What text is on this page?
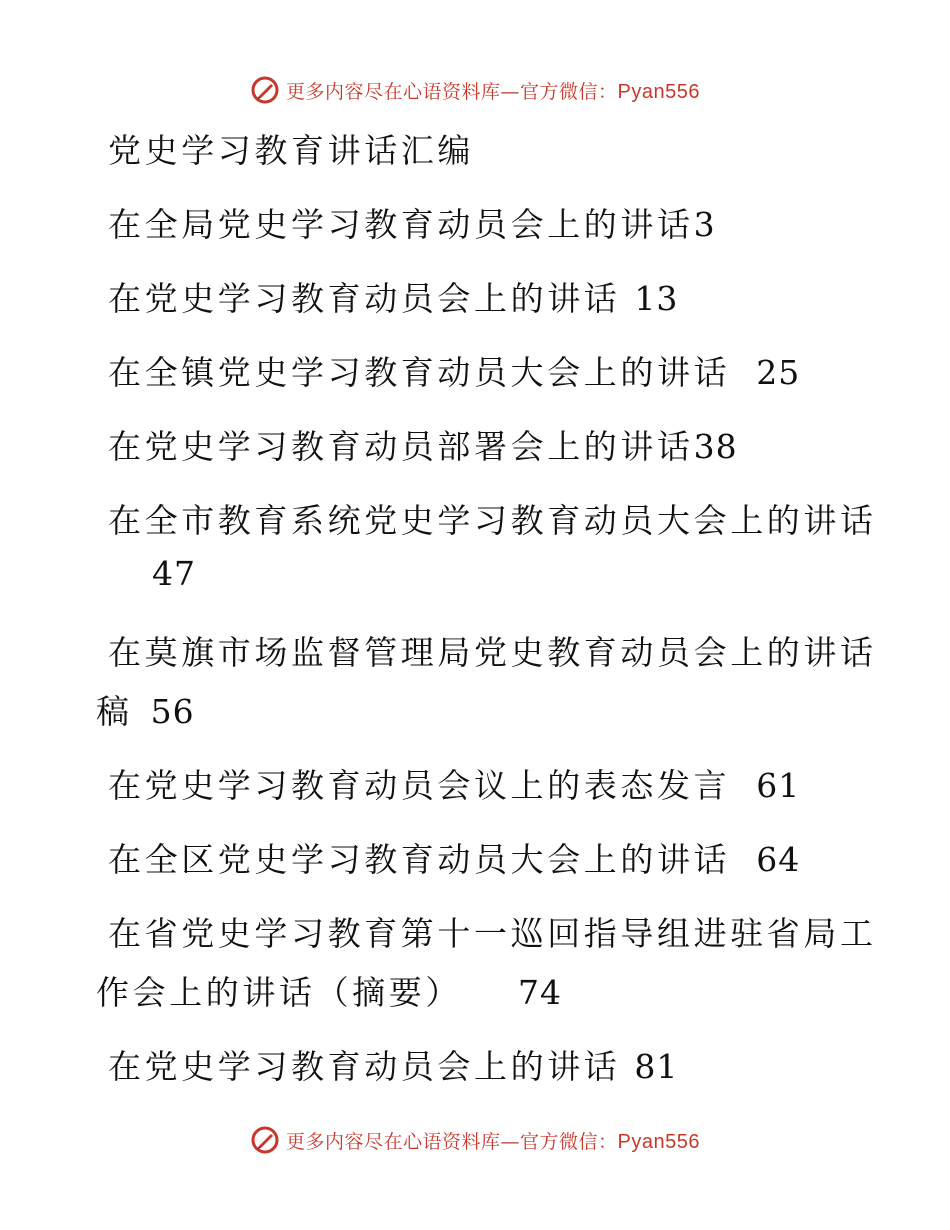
更多内容尽在心语资料库 — 官方微信： Pyan556
党史学习教育讲话汇编
在全局党史学习教育动员会上的讲话3
在党史学习教育动员会上的讲话 13
在全镇党史学习教育动员大会上的讲话 25
在党史学习教育动员部署会上的讲话38
在全市教育系统党史学习教育动员大会上的讲话
47
在莫旗市场监督管理局党史教育动员会上的讲话
稿 56
在党史学习教育动员会议上的表态发言 61
在全区党史学习教育动员大会上的讲话 64
在省党史学习教育第十一巡回指导组进驻省局工
作会上的讲话（摘要） 74
在党史学习教育动员会上的讲话 81
更多内容尽在心语资料库 — 官方微信： Pyan556
